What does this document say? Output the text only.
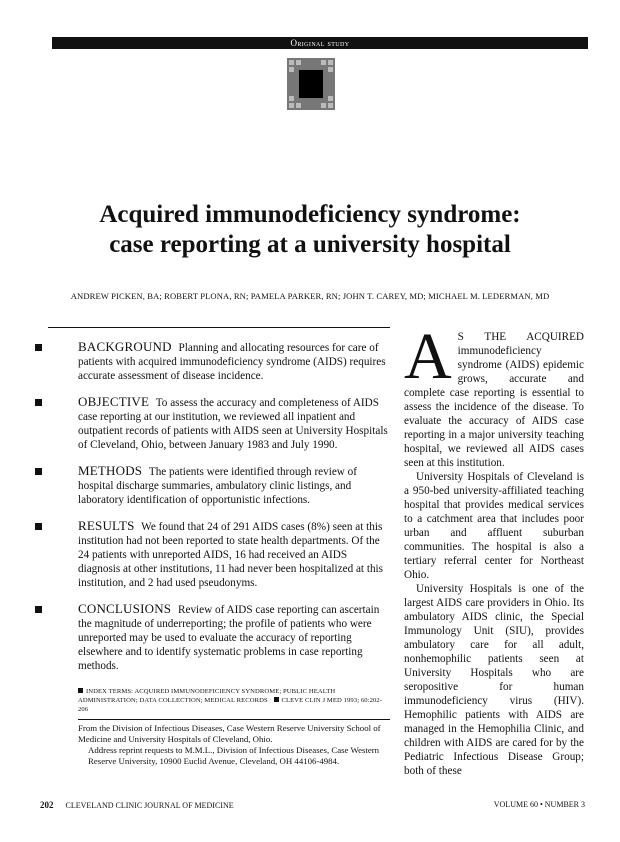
Original study
Acquired immunodeficiency syndrome:
case reporting at a university hospital
ANDREW PICKEN, BA; ROBERT PLONA, RN; PAMELA PARKER, RN; JOHN T. CAREY, MD; MICHAEL M. LEDERMAN, MD
BACKGROUND Planning and allocating resources for care of patients with acquired immunodeficiency syndrome (AIDS) requires accurate assessment of disease incidence.
OBJECTIVE To assess the accuracy and completeness of AIDS case reporting at our institution, we reviewed all inpatient and outpatient records of patients with AIDS seen at University Hospitals of Cleveland, Ohio, between January 1983 and July 1990.
METHODS The patients were identified through review of hospital discharge summaries, ambulatory clinic listings, and laboratory identification of opportunistic infections.
RESULTS We found that 24 of 291 AIDS cases (8%) seen at this institution had not been reported to state health departments. Of the 24 patients with unreported AIDS, 16 had received an AIDS diagnosis at other institutions, 11 had never been hospitalized at this institution, and 2 had used pseudonyms.
CONCLUSIONS Review of AIDS case reporting can ascertain the magnitude of underreporting; the profile of patients who were unreported may be used to evaluate the accuracy of reporting elsewhere and to identify systematic problems in case reporting methods.
INDEX TERMS: ACQUIRED IMMUNODEFICIENCY SYNDROME; PUBLIC HEALTH ADMINISTRATION; DATA COLLECTION; MEDICAL RECORDS CLEVE CLIN J MED 1993; 60:202-206
From the Division of Infectious Diseases, Case Western Reserve University School of Medicine and University Hospitals of Cleveland, Ohio.
Address reprint requests to M.M.L., Division of Infectious Diseases, Case Western Reserve University, 10900 Euclid Avenue, Cleveland, OH 44106-4984.
A S THE ACQUIRED immunodeficiency syndrome (AIDS) epidemic grows, accurate and complete case reporting is essential to assess the incidence of the disease. To evaluate the accuracy of AIDS case reporting in a major university teaching hospital, we reviewed all AIDS cases seen at this institution.

University Hospitals of Cleveland is a 950-bed university-affiliated teaching hospital that provides medical services to a catchment area that includes poor urban and affluent suburban communities. The hospital is also a tertiary referral center for Northeast Ohio.

University Hospitals is one of the largest AIDS care providers in Ohio. Its ambulatory AIDS clinic, the Special Immunology Unit (SIU), provides ambulatory care for all adult, nonhemophilic patients seen at University Hospitals who are seropositive for human immunodeficiency virus (HIV). Hemophilic patients with AIDS are managed in the Hemophilia Clinic, and children with AIDS are cared for by the Pediatric Infectious Disease Group; both of these

202 CLEVELAND CLINIC JOURNAL OF MEDICINE	VOLUME 60 • NUMBER 3
